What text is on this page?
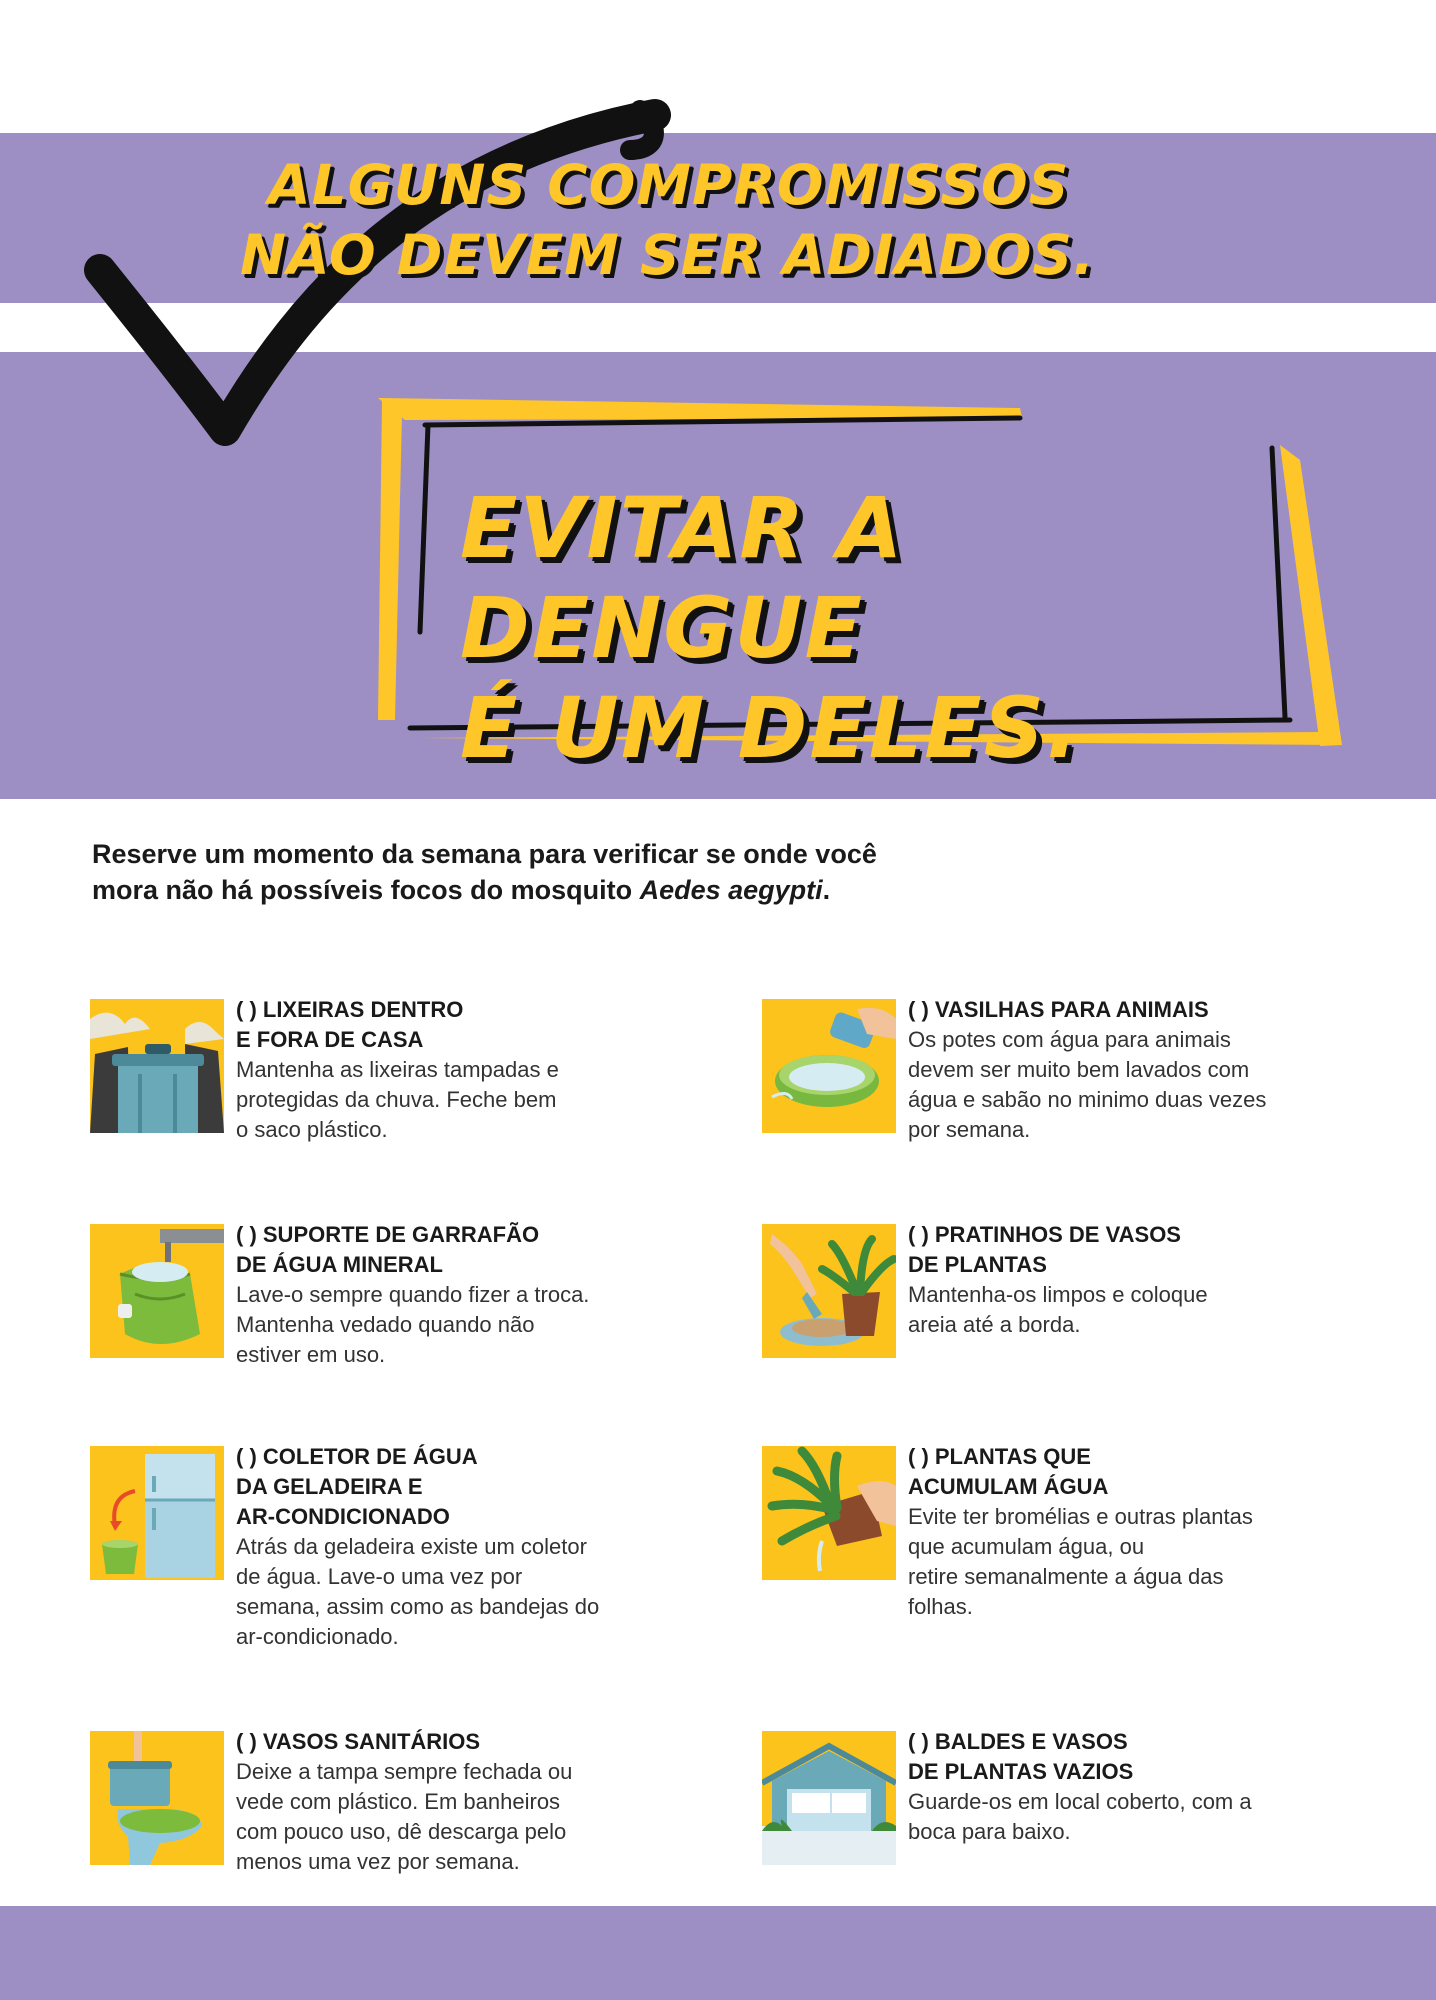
ALGUNS COMPROMISSOS
NÃO DEVEM SER ADIADOS.
EVITAR A DENGUE
É UM DELES.
Reserve um momento da semana para verificar se onde você
mora não há possíveis focos do mosquito Aedes aegypti.
( ) LIXEIRAS DENTRO
E FORA DE CASA
Mantenha as lixeiras tampadas e
protegidas da chuva. Feche bem
o saco plástico.
( ) VASILHAS PARA ANIMAIS
Os potes com água para animais
devem ser muito bem lavados com
água e sabão no minimo duas vezes
por semana.
( ) SUPORTE DE GARRAFÃO
DE ÁGUA MINERAL
Lave-o sempre quando fizer a troca.
Mantenha vedado quando não
estiver em uso.
( ) PRATINHOS DE VASOS
DE PLANTAS
Mantenha-os limpos e coloque
areia até a borda.
( ) COLETOR DE ÁGUA
DA GELADEIRA E
AR-CONDICIONADO
Atrás da geladeira existe um coletor
de água. Lave-o uma vez por
semana, assim como as bandejas do
ar-condicionado.
( ) PLANTAS QUE
ACUMULAM ÁGUA
Evite ter bromélias e outras plantas
que acumulam água, ou
retire semanalmente a água das
folhas.
( ) VASOS SANITÁRIOS
Deixe a tampa sempre fechada ou
vede com plástico. Em banheiros
com pouco uso, dê descarga pelo
menos uma vez por semana.
( ) BALDES E VASOS
DE PLANTAS VAZIOS
Guarde-os em local coberto, com a
boca para baixo.
